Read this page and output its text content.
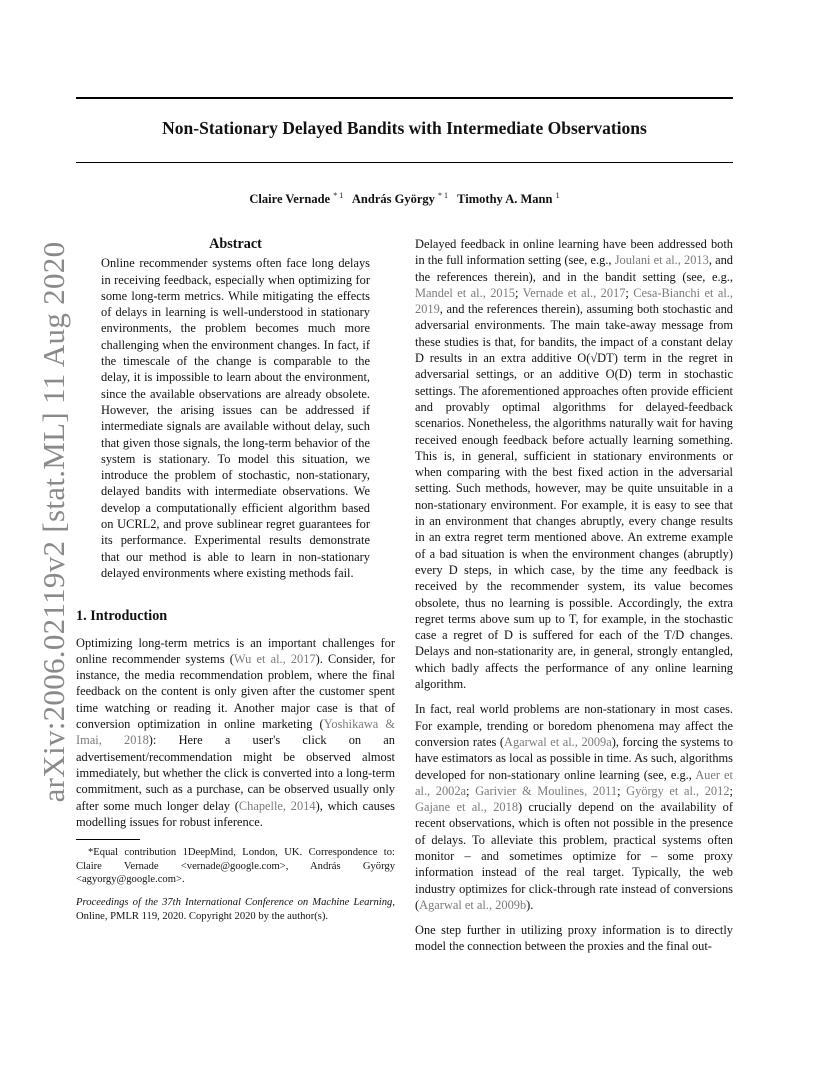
Non-Stationary Delayed Bandits with Intermediate Observations
Claire Vernade $^{* 1}$ András György $^{* 1}$ Timothy A. Mann $^1$
arXiv:2006.02119v2 [stat.ML] 11 Aug 2020	Abstract
Online recommender systems often face long delays in receiving feedback, especially when optimizing for some long-term metrics. While mitigating the effects of delays in learning is well-understood in stationary environments, the problem becomes much more challenging when the environment changes. In fact, if the timescale of the change is comparable to the delay, it is impossible to learn about the environment, since the available observations are already obsolete. However, the arising issues can be addressed if intermediate signals are available without delay, such that given those signals, the long-term behavior of the system is stationary. To model this situation, we introduce the problem of stochastic, non-stationary, delayed bandits with intermediate observations. We develop a computationally efficient algorithm based on UCRL2, and prove sublinear regret guarantees for its performance. Experimental results demonstrate that our method is able to learn in non-stationary delayed environments where existing methods fail.
1. Introduction

Optimizing long-term metrics is an important challenges for online recommender systems (Wu et al., 2017). Consider, for instance, the media recommendation problem, where the final feedback on the content is only given after the customer spent time watching or reading it. Another major case is that of conversion optimization in online marketing (Yoshikawa & Imai, 2018): Here a user's click on an advertisement/recommendation might be observed almost immediately, but whether the click is converted into a long-term commitment, such as a purchase, can be observed usually only after some much longer delay (Chapelle, 2014), which causes modelling issues for robust inference.

*Equal contribution 1DeepMind, London, UK. Correspondence to: Claire Vernade <vernade@google.com>, András György <agyorgy@google.com>.
Proceedings of the 37th International Conference on Machine Learning, Online, PMLR 119, 2020. Copyright 2020 by the author(s).

Delayed feedback in online learning have been addressed both in the full information setting (see, e.g., Joulani et al., 2013, and the references therein), and in the bandit setting (see, e.g., Mandel et al., 2015; Vernade et al., 2017; Cesa-Bianchi et al., 2019, and the references therein), assuming both stochastic and adversarial environments. The main take-away message from these studies is that, for bandits, the impact of a constant delay D results in an extra additive O(√DT) term in the regret in adversarial settings, or an additive O(D) term in stochastic settings. The aforementioned approaches often provide efficient and provably optimal algorithms for delayed-feedback scenarios. Nonetheless, the algorithms naturally wait for having received enough feedback before actually learning something. This is, in general, sufficient in stationary environments or when comparing with the best fixed action in the adversarial setting. Such methods, however, may be quite unsuitable in a non-stationary environment. For example, it is easy to see that in an environment that changes abruptly, every change results in an extra regret term mentioned above. An extreme example of a bad situation is when the environment changes (abruptly) every D steps, in which case, by the time any feedback is received by the recommender system, its value becomes obsolete, thus no learning is possible. Accordingly, the extra regret terms above sum up to T, for example, in the stochastic case a regret of D is suffered for each of the T/D changes. Delays and non-stationarity are, in general, strongly entangled, which badly affects the performance of any online learning algorithm.

In fact, real world problems are non-stationary in most cases. For example, trending or boredom phenomena may affect the conversion rates (Agarwal et al., 2009a), forcing the systems to have estimators as local as possible in time. As such, algorithms developed for non-stationary online learning (see, e.g., Auer et al., 2002a; Garivier & Moulines, 2011; György et al., 2012; Gajane et al., 2018) crucially depend on the availability of recent observations, which is often not possible in the presence of delays. To alleviate this problem, practical systems often monitor – and sometimes optimize for – some proxy information instead of the real target. Typically, the web industry optimizes for click-through rate instead of conversions (Agarwal et al., 2009b).

One step further in utilizing proxy information is to directly model the connection between the proxies and the final out-
